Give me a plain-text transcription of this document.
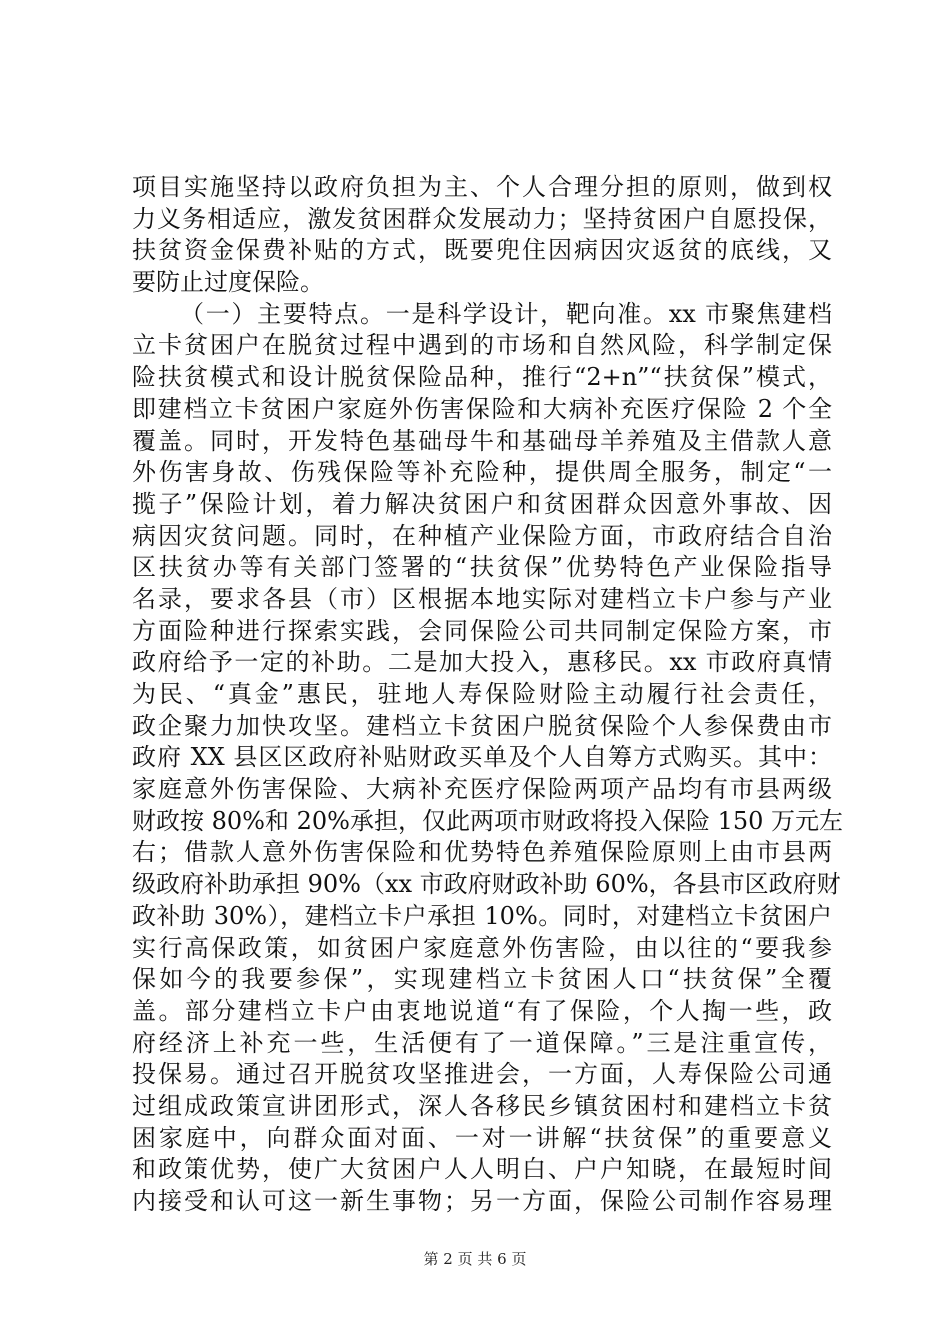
项目实施坚持以政府负担为主、个人合理分担的原则，做到权
力义务相适应，激发贫困群众发展动力；坚持贫困户自愿投保，
扶贫资金保费补贴的方式，既要兜住因病因灾返贫的底线，又
要防止过度保险。
（一）主要特点。一是科学设计，靶向准。xx 市聚焦建档
立卡贫困户在脱贫过程中遇到的市场和自然风险，科学制定保
险扶贫模式和设计脱贫保险品种，推行“2+n”“扶贫保”模式，
即建档立卡贫困户家庭外伤害保险和大病补充医疗保险 2 个全
覆盖。同时，开发特色基础母牛和基础母羊养殖及主借款人意
外伤害身故、伤残保险等补充险种，提供周全服务，制定“一
揽子”保险计划，着力解决贫困户和贫困群众因意外事故、因
病因灾贫问题。同时，在种植产业保险方面，市政府结合自治
区扶贫办等有关部门签署的“扶贫保”优势特色产业保险指导
名录，要求各县（市）区根据本地实际对建档立卡户参与产业
方面险种进行探索实践，会同保险公司共同制定保险方案，市
政府给予一定的补助。二是加大投入，惠移民。xx 市政府真情
为民、“真金”惠民，驻地人寿保险财险主动履行社会责任，
政企聚力加快攻坚。建档立卡贫困户脱贫保险个人参保费由市
政府 XX 县区区政府补贴财政买单及个人自筹方式购买。其中：
家庭意外伤害保险、大病补充医疗保险两项产品均有市县两级
财政按 80%和 20%承担，仅此两项市财政将投入保险 150 万元左
右；借款人意外伤害保险和优势特色养殖保险原则上由市县两
级政府补助承担 90%（xx 市政府财政补助 60%，各县市区政府财
政补助 30%），建档立卡户承担 10%。同时，对建档立卡贫困户
实行高保政策，如贫困户家庭意外伤害险，由以往的“要我参
保如今的我要参保”，实现建档立卡贫困人口“扶贫保”全覆
盖。部分建档立卡户由衷地说道“有了保险，个人掏一些，政
府经济上补充一些，生活便有了一道保障。”三是注重宣传，
投保易。通过召开脱贫攻坚推进会，一方面，人寿保险公司通
过组成政策宣讲团形式，深人各移民乡镇贫困村和建档立卡贫
困家庭中，向群众面对面、一对一讲解“扶贫保”的重要意义
和政策优势，使广大贫困户人人明白、户户知晓，在最短时间
内接受和认可这一新生事物；另一方面，保险公司制作容易理
第 2 页 共 6 页
